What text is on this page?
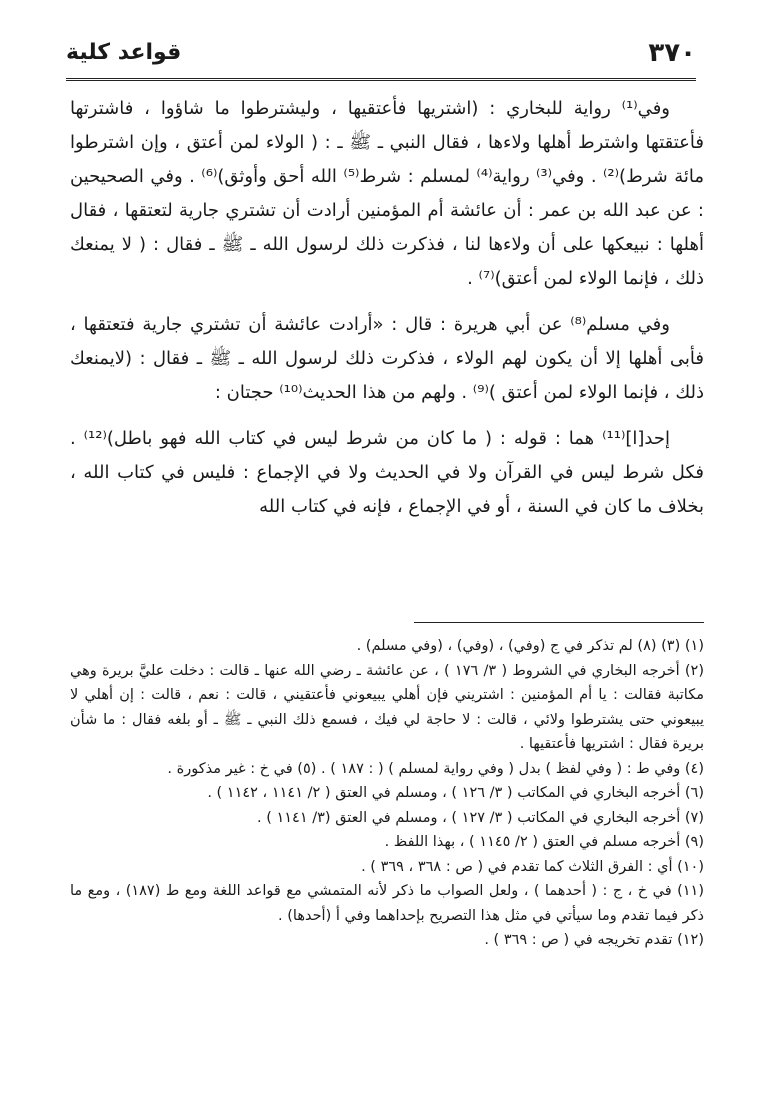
قواعد كلية	٣٧٠

وفي⁽¹⁾ رواية للبخاري : (اشتريها فأعتقيها ، وليشترطوا ما شاؤوا ، فاشترتها فأعتقتها واشترط أهلها ولاءها ، فقال النبي ـ ﷺ ـ : ( الولاء لمن أعتق ، وإن اشترطوا مائة شرط)⁽²⁾ . وفي⁽³⁾ رواية⁽⁴⁾ لمسلم : شرط⁽⁵⁾ الله أحق وأوثق)⁽⁶⁾ . وفي الصحيحين : عن عبد الله بن عمر : أن عائشة أم المؤمنين أرادت أن تشتري جارية لتعتقها ، فقال أهلها : نبيعكها على أن ولاءها لنا ، فذكرت ذلك لرسول الله ـ ﷺ ـ فقال : ( لا يمنعك ذلك ، فإنما الولاء لمن أعتق)⁽⁷⁾ .

وفي مسلم⁽⁸⁾ عن أبي هريرة : قال : «أرادت عائشة أن تشتري جارية فتعتقها ، فأبى أهلها إلا أن يكون لهم الولاء ، فذكرت ذلك لرسول الله ـ ﷺ ـ فقال : (لايمنعك ذلك ، فإنما الولاء لمن أعتق )⁽⁹⁾ . ولهم من هذا الحديث⁽¹⁰⁾ حجتان :

إحد[ا]⁽¹¹⁾ هما : قوله : ( ما كان من شرط ليس في كتاب الله فهو باطل)⁽¹²⁾ . فكل شرط ليس في القرآن ولا في الحديث ولا في الإجماع : فليس في كتاب الله ، بخلاف ما كان في السنة ، أو في الإجماع ، فإنه في كتاب الله

(١) (٣) (٨) لم تذكر في ج (وفي) ، (وفي) ، (وفي مسلم) .

(٢) أخرجه البخاري في الشروط ( ٣/ ١٧٦ ) ، عن عائشة ـ رضي الله عنها ـ قالت : دخلت عليَّ بريرة وهي مكاتبة فقالت : يا أم المؤمنين : اشتريني فإن أهلي يبيعوني فأعتقيني ، قالت : نعم ، قالت : إن أهلي لا يبيعوني حتى يشترطوا ولائي ، قالت : لا حاجة لي فيك ، فسمع ذلك النبي ـ ﷺ ـ أو بلغه فقال : ما شأن بريرة فقال : اشتريها فأعتقيها .

(٤) وفي ط : ( وفي لفظ ) بدل ( وفي رواية لمسلم ) ( : ١٨٧ ) . (٥) في خ : غير مذكورة .

(٦) أخرجه البخاري في المكاتب ( ٣/ ١٢٦ ) ، ومسلم في العتق ( ٢/ ١١٤١ ، ١١٤٢ ) .

(٧) أخرجه البخاري في المكاتب ( ٣/ ١٢٧ ) ، ومسلم في العتق (٣/ ١١٤١ ) .

(٩) أخرجه مسلم في العتق ( ٢/ ١١٤٥ ) ، بهذا اللفظ .

(١٠) أي : الفرق الثلاث كما تقدم في ( ص : ٣٦٨ ، ٣٦٩ ) .

(١١) في خ ، ج : ( أحدهما ) ، ولعل الصواب ما ذكر لأنه المتمشي مع قواعد اللغة ومع ط (١٨٧) ، ومع ما ذكر فيما تقدم وما سيأتي في مثل هذا التصريح بإحداهما وفي أ (أحدها) .

(١٢) تقدم تخريجه في ( ص : ٣٦٩ ) .
